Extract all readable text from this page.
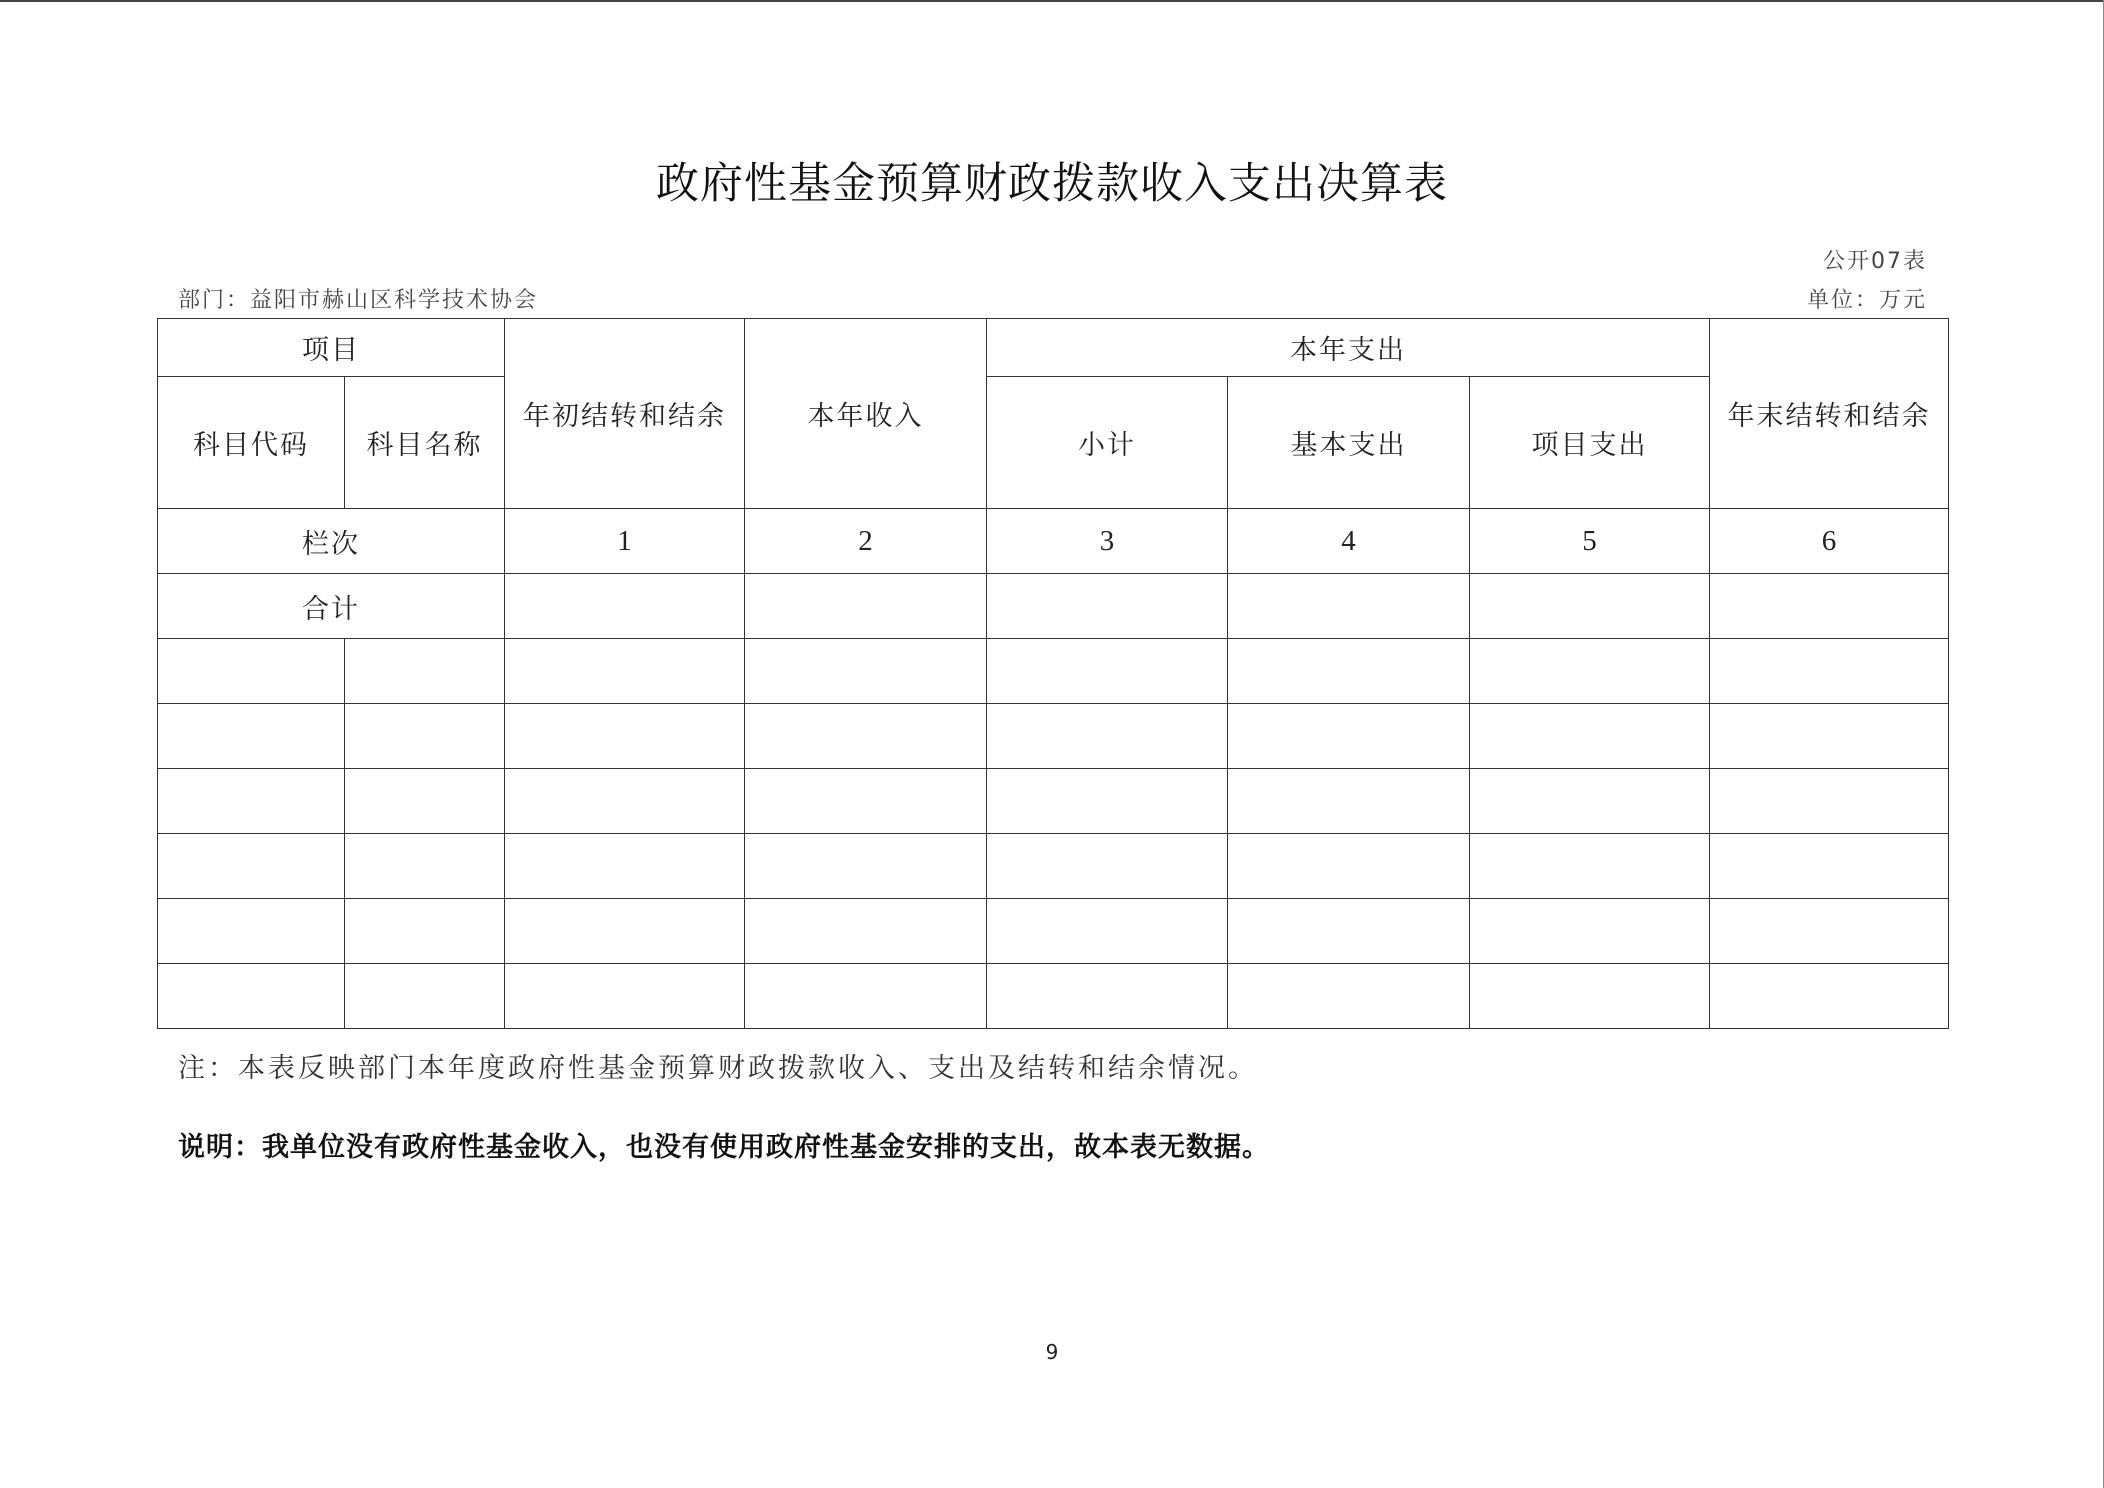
政府性基金预算财政拨款收入支出决算表
公开07表
部门：益阳市赫山区科学技术协会	单位：万元
项目		年初结转和结余	本年收入	本年支出			年末结转和结余
科目代码	科目名称			小计	基本支出	项目支出	
栏次		1	2	3	4	5	6
合计							

注：本表反映部门本年度政府性基金预算财政拨款收入、支出及结转和结余情况。
说明：我单位没有政府性基金收入，也没有使用政府性基金安排的支出，故本表无数据。
9
